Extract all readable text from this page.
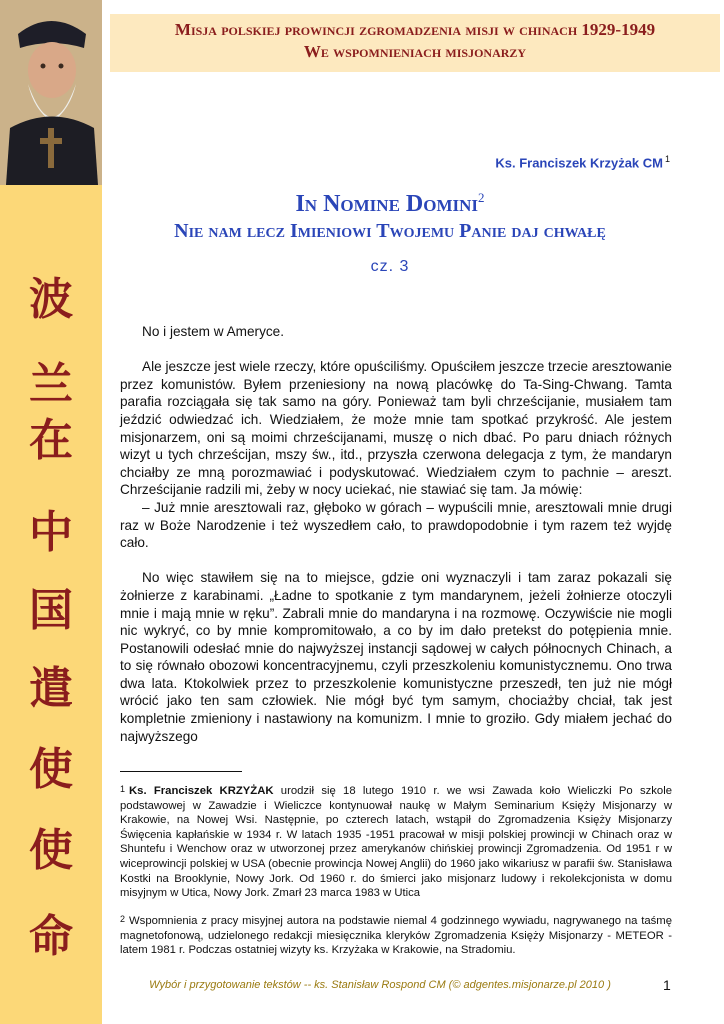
波
兰
在
中
国
遣
使
使
命
Misja polskiej prowincji zgromadzenia misji w chinach 1929-1949
We wspomnieniach misjonarzy
Ks. Franciszek Krzyżak CM $^1$
In Nomine Domini$^2$
Nie nam lecz Imieniowi Twojemu Panie daj chwałę
cz. 3

No i jestem w Ameryce.

Ale jeszcze jest wiele rzeczy, które opuściliśmy. Opuściłem jeszcze trzecie aresztowanie przez komunistów. Byłem przeniesiony na nową placówkę do Ta-Sing-Chwang. Tamta parafia rozciągała się tak samo na góry. Ponieważ tam byli chrześcijanie, musiałem tam jeździć odwiedzać ich. Wiedziałem, że może mnie tam spotkać przykrość. Ale jestem misjonarzem, oni są moimi chrześcijanami, muszę o nich dbać. Po paru dniach różnych wizyt u tych chrześcijan, mszy św., itd., przyszła czerwona delegacja z tym, że mandaryn chciałby ze mną porozmawiać i podyskutować. Wiedziałem czym to pachnie – areszt. Chrześcijanie radzili mi, żeby w nocy uciekać, nie stawiać się tam. Ja mówię:

– Już mnie aresztowali raz, głęboko w górach – wypuścili mnie, aresztowali mnie drugi raz w Boże Narodzenie i też wyszedłem cało, to prawdopodobnie i tym razem też wyjdę cało.

No więc stawiłem się na to miejsce, gdzie oni wyznaczyli i tam zaraz pokazali się żołnierze z karabinami. „Ładne to spotkanie z tym mandarynem, jeżeli żołnierze otoczyli mnie i mają mnie w ręku”. Zabrali mnie do mandaryna i na rozmowę. Oczywiście nie mogli nic wykryć, co by mnie kompromitowało, a co by im dało pretekst do potępienia mnie. Postanowili odesłać mnie do najwyższej instancji sądowej w całych północnych Chinach, a to się równało obozowi koncentracyjnemu, czyli przeszkoleniu komunistycznemu. Ono trwa dwa lata. Ktokolwiek przez to przeszkolenie komunistyczne przeszedł, ten już nie mógł wrócić jako ten sam człowiek. Nie mógł być tym samym, chociażby chciał, tak jest kompletnie zmieniony i nastawiony na komunizm. I mnie to groziło. Gdy miałem jechać do najwyższego

1 Ks. Franciszek KRZYŻAK urodził się 18 lutego 1910 r. we wsi Zawada koło Wieliczki Po szkole podstawowej w Zawadzie i Wieliczce kontynuował naukę w Małym Seminarium Księży Misjonarzy w Krakowie, na Nowej Wsi. Następnie, po czterech latach, wstąpił do Zgromadzenia Księży Misjonarzy Święcenia kapłańskie w 1934 r. W latach 1935 -1951 pracował w misji polskiej prowincji w Chinach oraz w Shuntefu i Wenchow oraz w utworzonej przez amerykanów chińskiej prowincji Zgromadzenia. Od 1951 r w wiceprowincji polskiej w USA (obecnie prowincja Nowej Anglii) do 1960 jako wikariusz w parafii św. Stanisława Kostki na Brooklynie, Nowy Jork. Od 1960 r. do śmierci jako misjonarz ludowy i rekolekcjonista w domu misyjnym w Utica, Nowy Jork. Zmarł 23 marca 1983 w Utica
2 Wspomnienia z pracy misyjnej autora na podstawie niemal 4 godzinnego wywiadu, nagrywanego na taśmę magnetofonową, udzielonego redakcji miesięcznika kleryków Zgromadzenia Księży Misjonarzy - METEOR - latem 1981 r. Podczas ostatniej wizyty ks. Krzyżaka w Krakowie, na Stradomiu.
Wybór i przygotowanie tekstów -- ks. Stanisław Rospond CM (© adgentes.misjonarze.pl 2010 )	1
